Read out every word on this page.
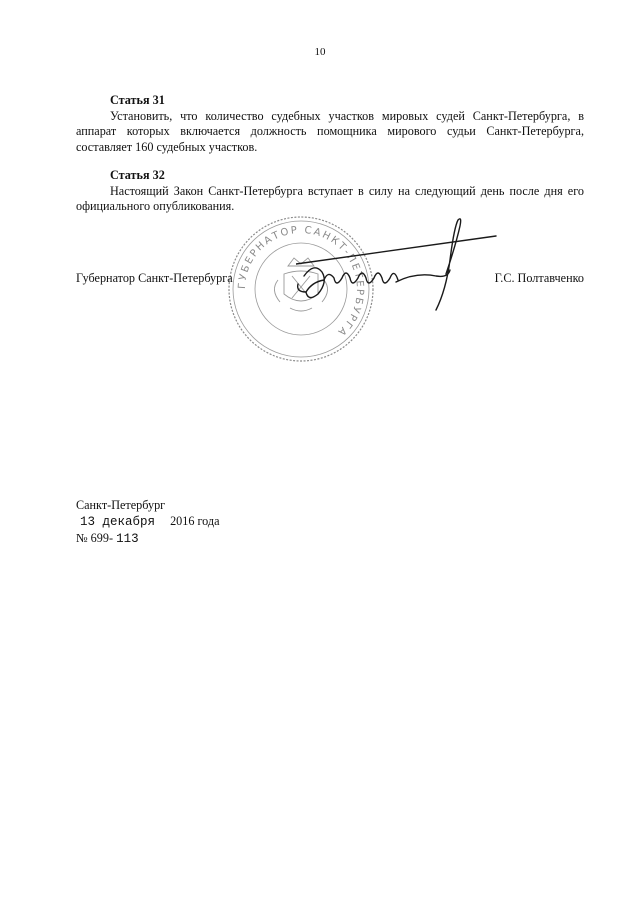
10
Статья 31
Установить, что количество судебных участков мировых судей Санкт-Петербурга, в аппарат которых включается должность помощника мирового судьи Санкт-Петербурга, составляет 160 судебных участков.
Статья 32
Настоящий Закон Санкт-Петербурга вступает в силу на следующий день после дня его официального опубликования.
ГУБЕРНАТОР САНКТ-ПЕТЕРБУРГА
Губернатор Санкт-Петербурга	Г.С. Полтавченко
Санкт-Петербург
13 декабря 2016 года
№ 699- 113
